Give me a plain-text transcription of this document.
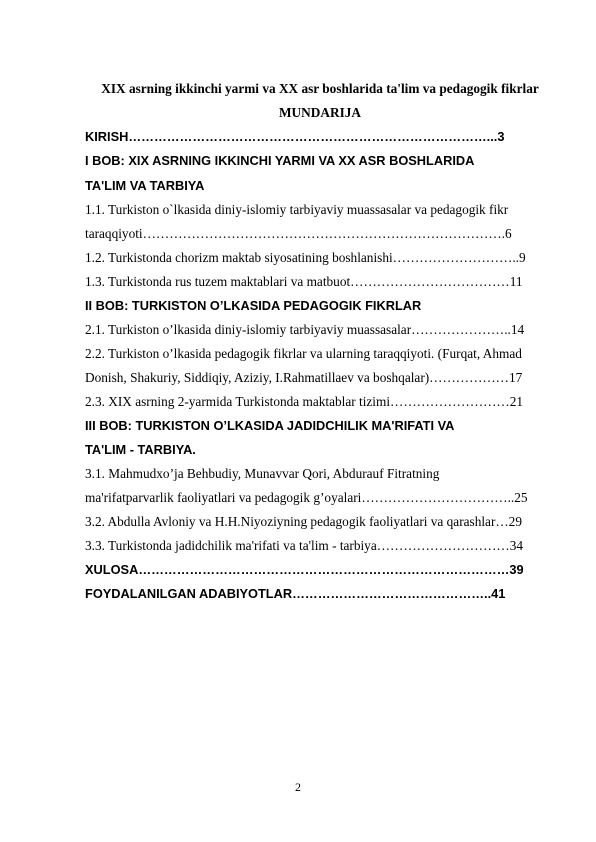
XIX asrning ikkinchi yarmi va XX asr boshlarida ta'lim va pedagogik fikrlar
MUNDARIJA
KIRISH…………………………………………………………………………...3
I BOB: XIX ASRNING IKKINCHI YARMI VA XX ASR BOSHLARIDA
TA'LIM VA TARBIYA
1.1. Turkiston o`lkasida diniy-islomiy tarbiyaviy muassasalar va pedagogik fikr
taraqqiyoti……………………………………………………………………….6
1.2. Turkistonda chorizm maktab siyosatining boshlanishi………………………..9
1.3. Turkistonda rus tuzem maktablari va matbuot………………………………11
II BOB: TURKISTON O’LKASIDA PEDAGOGIK FIKRLAR
2.1. Turkiston o’lkasida diniy-islomiy tarbiyaviy muassasalar…………………..14
2.2. Turkiston o’lkasida pedagogik fikrlar va ularning taraqqiyoti. (Furqat, Ahmad
Donish, Shakuriy, Siddiqiy, Aziziy, I.Rahmatillaev va boshqalar)………………17
2.3. XIX asrning 2-yarmida Turkistonda maktablar tizimi………………………21
III BOB: TURKISTON O’LKASIDA JADIDCHILIK MA'RIFATI VA
TA'LIM - TARBIYA.
3.1. Mahmudxo’ja Behbudiy, Munavvar Qori, Abdurauf Fitratning
ma'rifatparvarlik faoliyatlari va pedagogik g’oyalari……………………………..25
3.2. Abdulla Avloniy va H.H.Niyoziyning pedagogik faoliyatlari va qarashlar…29
3.3. Turkistonda jadidchilik ma'rifati va ta'lim - tarbiya…………………………34
XULOSA……………………………………………………………………………39
FOYDALANILGAN ADABIYOTLAR………………………………………..41
2
